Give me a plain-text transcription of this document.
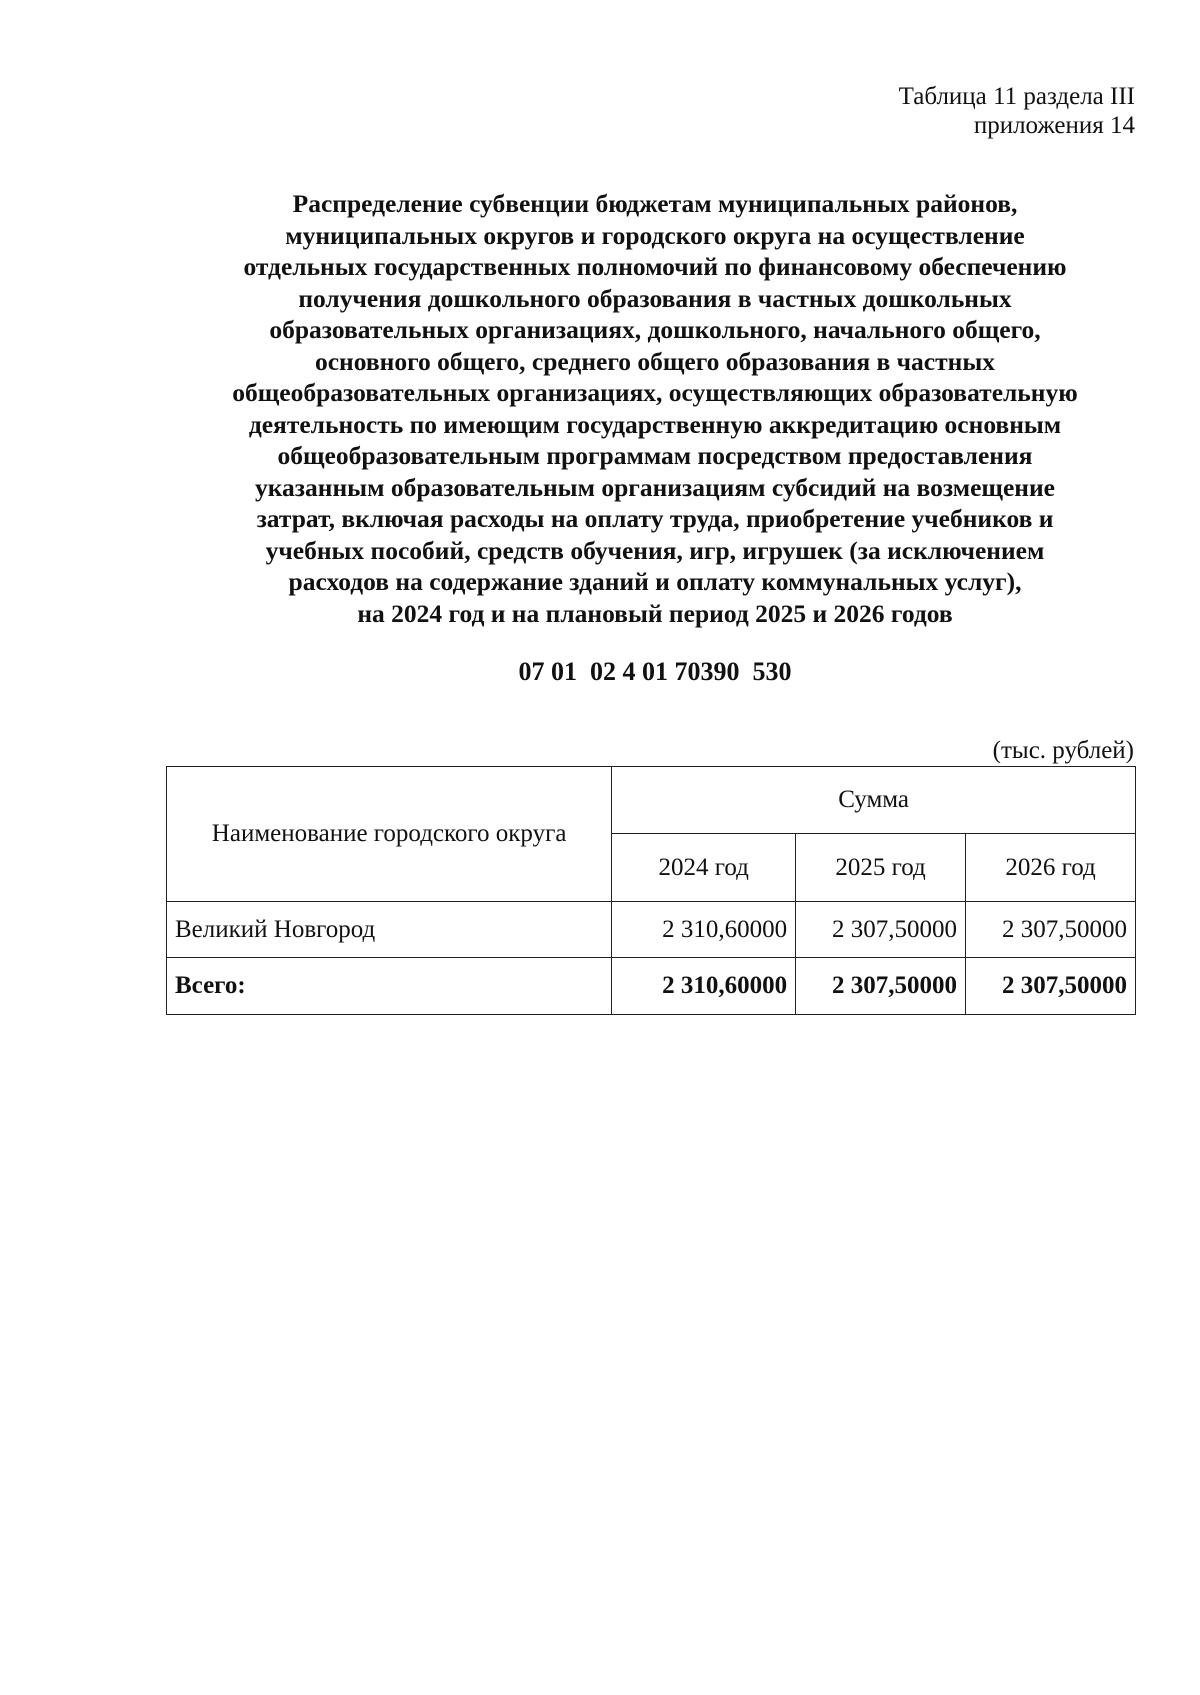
Таблица 11 раздела III
приложения 14
Распределение субвенции бюджетам муниципальных районов,
муниципальных округов и городского округа на осуществление
отдельных государственных полномочий по финансовому обеспечению
получения дошкольного образования в частных дошкольных
образовательных организациях, дошкольного, начального общего,
основного общего, среднего общего образования в частных
общеобразовательных организациях, осуществляющих образовательную
деятельность по имеющим государственную аккредитацию основным
общеобразовательным программам посредством предоставления
указанным образовательным организациям субсидий на возмещение
затрат, включая расходы на оплату труда, приобретение учебников и
учебных пособий, средств обучения, игр, игрушек (за исключением
расходов на содержание зданий и оплату коммунальных услуг),
на 2024 год и на плановый период 2025 и 2026 годов
07 01  02 4 01 70390  530
(тыс. рублей)
Наименование городского округа	Сумма		
	2024 год	2025 год	2026 год
Великий Новгород	2 310,60000	2 307,50000	2 307,50000
Всего:	2 310,60000	2 307,50000	2 307,50000
